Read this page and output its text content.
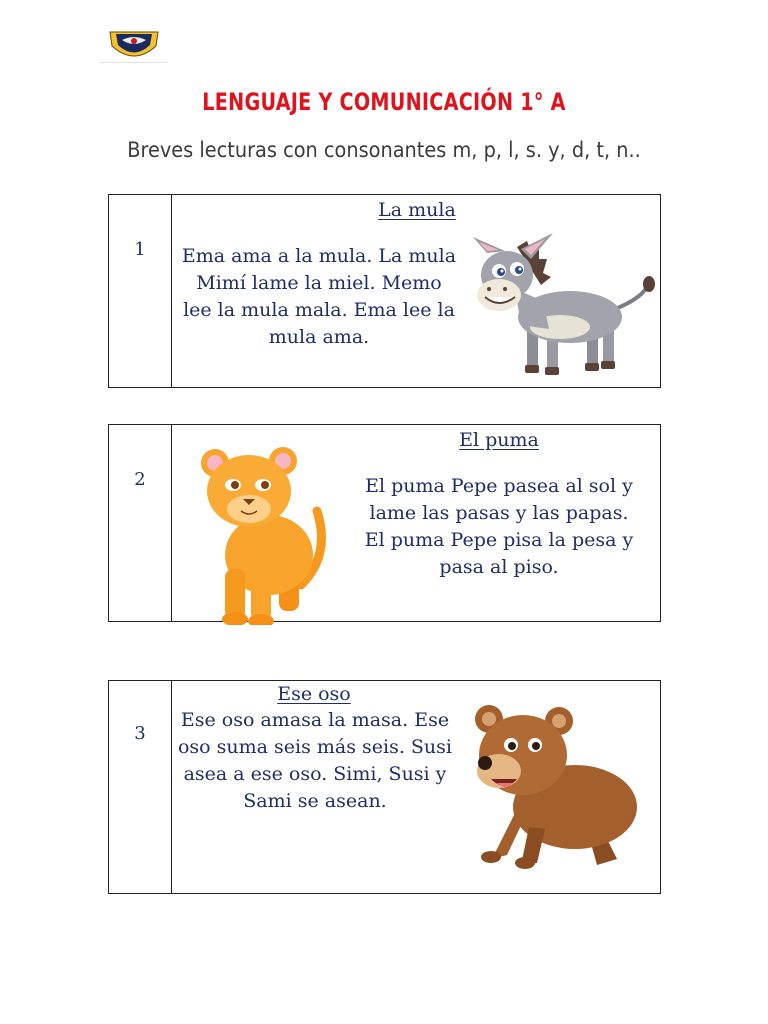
LENGUAJE Y COMUNICACIÓN 1° A
Breves lecturas con consonantes m, p, l, s. y, d, t, n..
1
La mula
Ema ama a la mula. La mula Mimí lame la miel. Memo lee la mula mala. Ema lee la mula ama.
2
El puma
El puma Pepe pasea al sol y lame las pasas y las papas. El puma Pepe pisa la pesa y pasa al piso.
3
Ese oso
Ese oso amasa la masa. Ese oso suma seis más seis. Susi asea a ese oso. Simi, Susi y Sami se asean.
